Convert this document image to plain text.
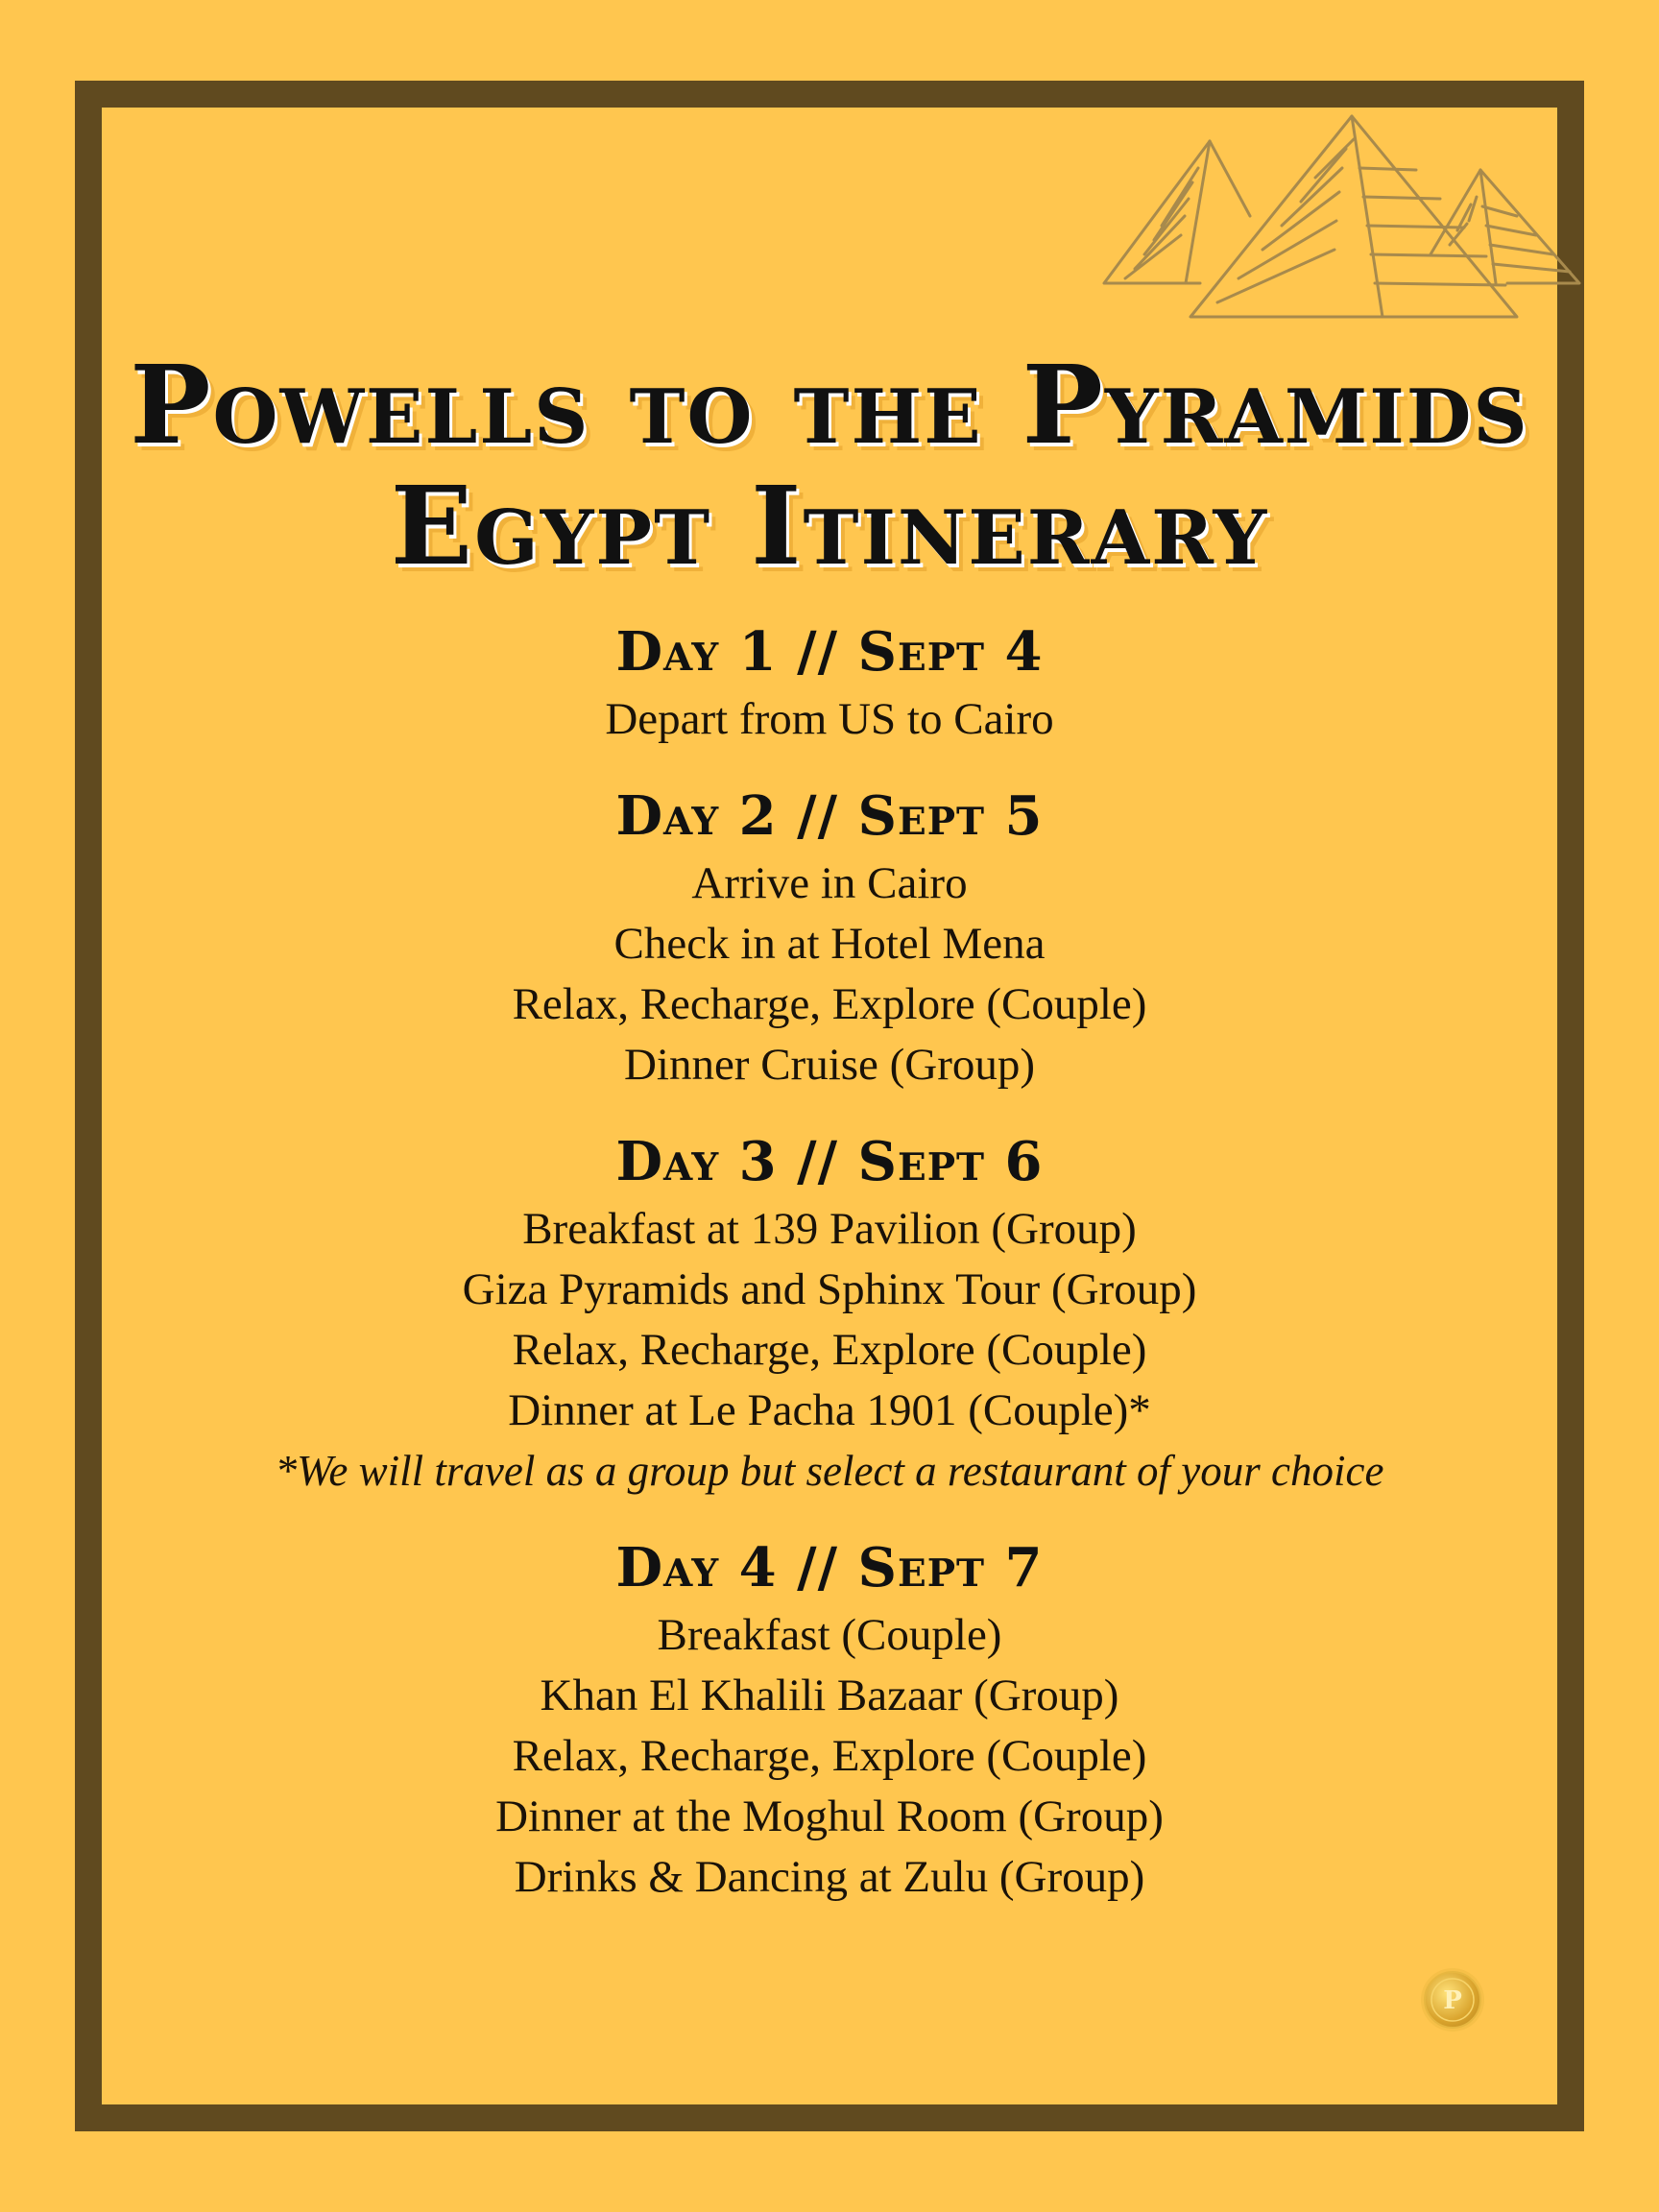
Powells to the Pyramids
Egypt Itinerary
Day 1 // Sept 4
Depart from US to Cairo
Day 2 // Sept 5
Arrive in Cairo
Check in at Hotel Mena
Relax, Recharge, Explore (Couple)
Dinner Cruise (Group)
Day 3 // Sept 6
Breakfast at 139 Pavilion (Group)
Giza Pyramids and Sphinx Tour (Group)
Relax, Recharge, Explore (Couple)
Dinner at Le Pacha 1901 (Couple)*
*We will travel as a group but select a restaurant of your choice
Day 4 // Sept 7
Breakfast (Couple)
Khan El Khalili Bazaar (Group)
Relax, Recharge, Explore (Couple)
Dinner at the Moghul Room (Group)
Drinks & Dancing at Zulu (Group)
P
